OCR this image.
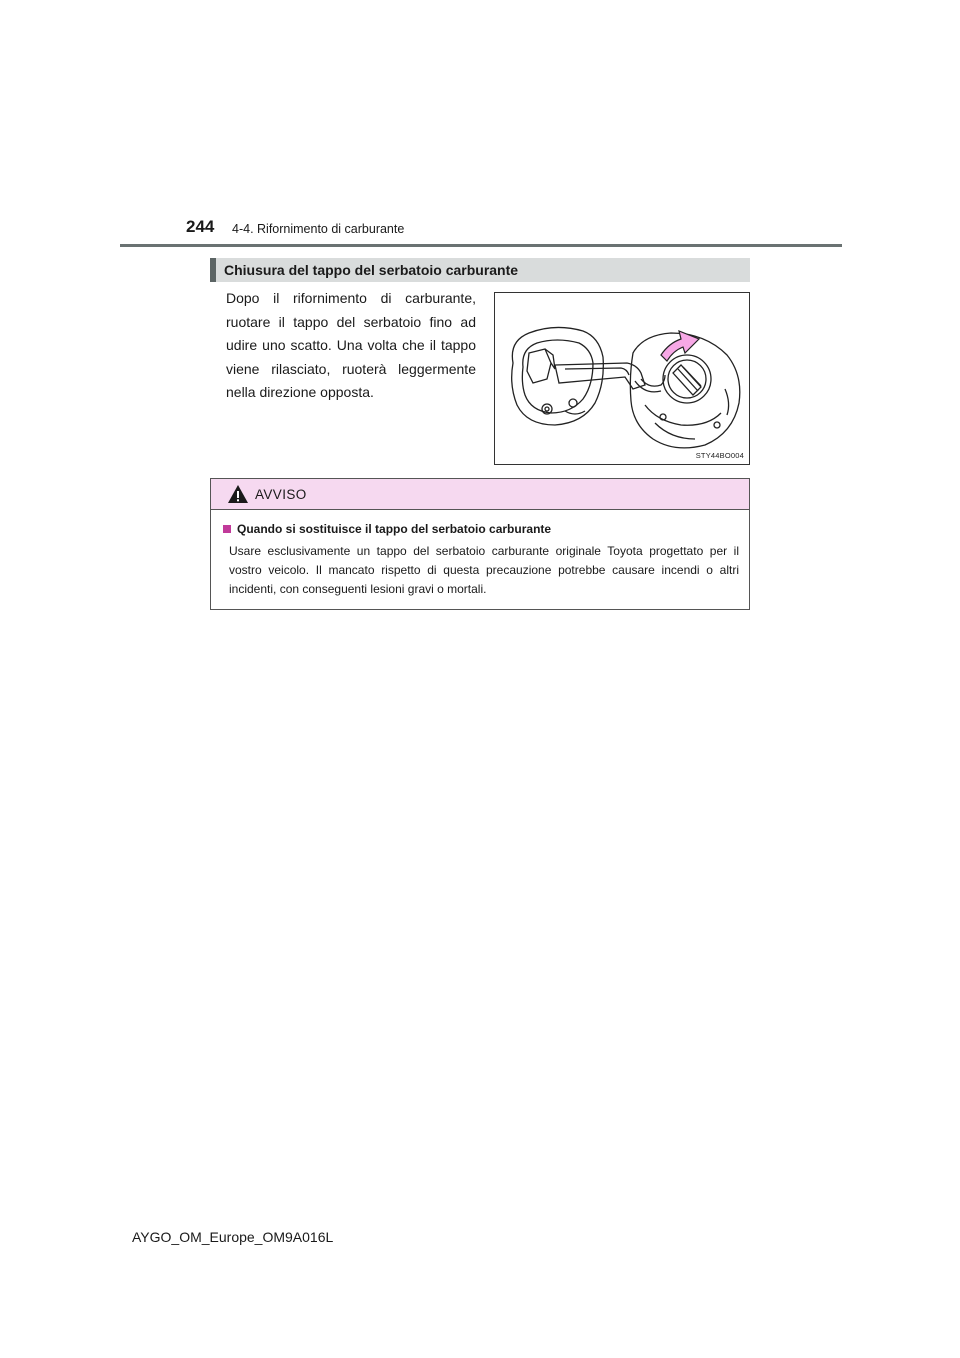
244 4-4. Rifornimento di carburante
Chiusura del tappo del serbatoio carburante
Dopo il rifornimento di carburante, ruotare il tappo del serbatoio fino ad udire uno scatto. Una volta che il tappo viene rilasciato, ruoterà leggermente nella direzione opposta.
STY44BO004
AVVISO
Quando si sostituisce il tappo del serbatoio carburante
Usare esclusivamente un tappo del serbatoio carburante originale Toyota progettato per il vostro veicolo. Il mancato rispetto di questa precauzione potrebbe causare incendi o altri incidenti, con conseguenti lesioni gravi o mortali.
AYGO_OM_Europe_OM9A016L
